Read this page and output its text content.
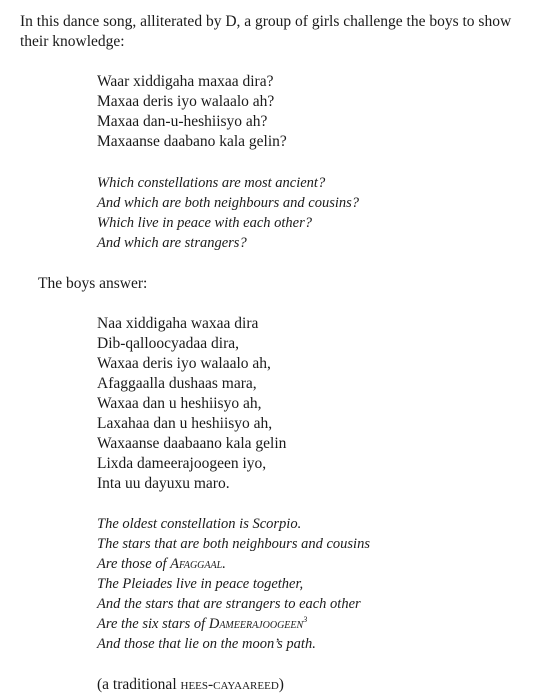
In this dance song, alliterated by D, a group of girls challenge the boys to show their knowledge:

Waar xiddigaha maxaa dira?
Maxaa deris iyo walaalo ah?
Maxaa dan-u-heshiisyo ah?
Maxaanse daabano kala gelin?
Which constellations are most ancient?
And which are both neighbours and cousins?
Which live in peace with each other?
And which are strangers?

The boys answer:

Naa xiddigaha waxaa dira
Dib-qalloocyadaa dira,
Waxaa deris iyo walaalo ah,
Afaggaalla dushaas mara,
Waxaa dan u heshiisyo ah,
Laxahaa dan u heshiisyo ah,
Waxaanse daabaano kala gelin
Lixda dameerajoogeen iyo,
Inta uu dayuxu maro.
The oldest constellation is Scorpio.
The stars that are both neighbours and cousins
Are those of Afaggaal.
The Pleiades live in peace together,
And the stars that are strangers to each other
Are the six stars of Dameerajoogeen$^3$
And those that lie on the moon’s path.

(a traditional hees-cayaareed)
